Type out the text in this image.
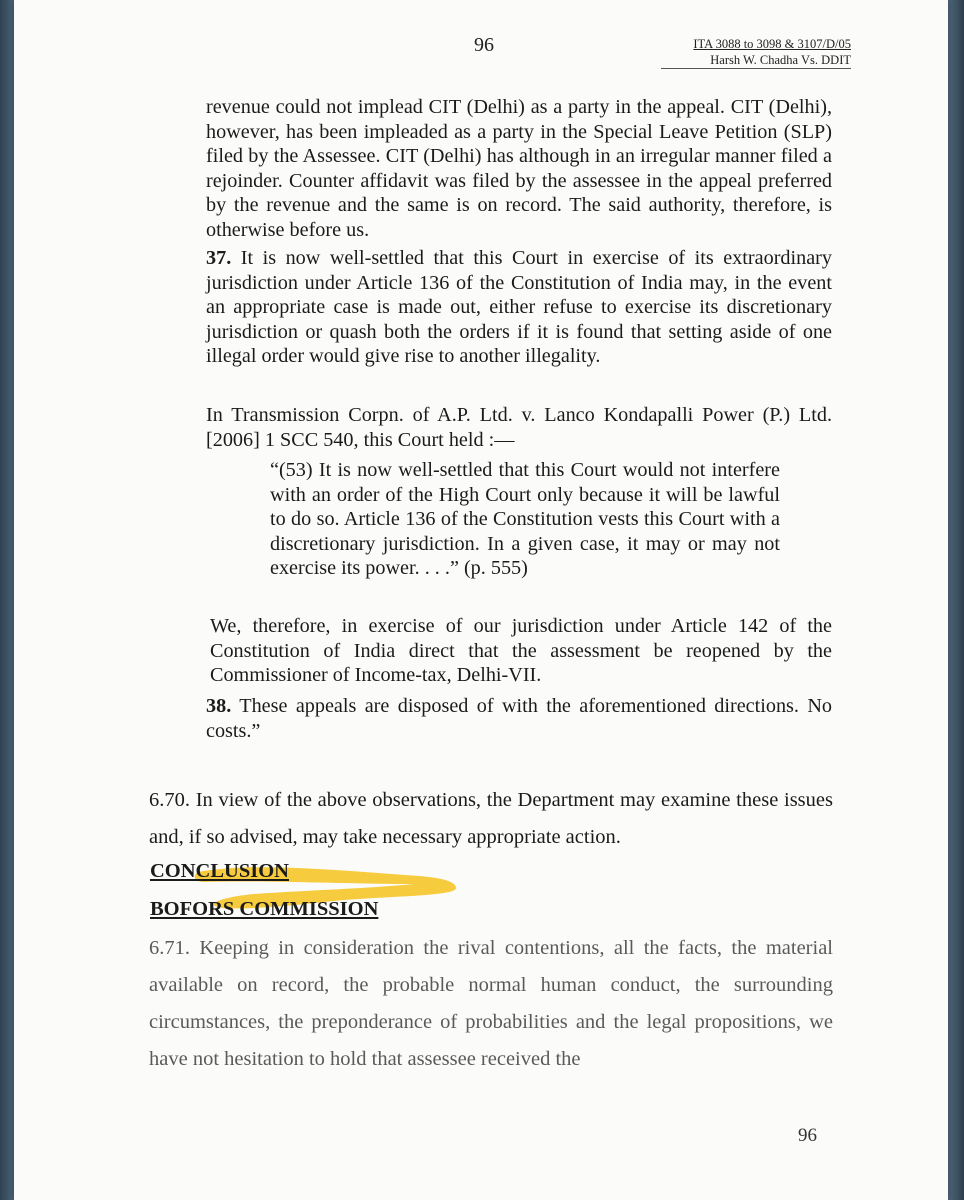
96	ITA 3088 to 3098 & 3107/D/05
Harsh W. Chadha Vs. DDIT

revenue could not implead CIT (Delhi) as a party in the appeal. CIT (Delhi), however, has been impleaded as a party in the Special Leave Petition (SLP) filed by the Assessee. CIT (Delhi) has although in an irregular manner filed a rejoinder. Counter affidavit was filed by the assessee in the appeal preferred by the revenue and the same is on record. The said authority, therefore, is otherwise before us.

37. It is now well-settled that this Court in exercise of its extraordinary jurisdiction under Article 136 of the Constitution of India may, in the event an appropriate case is made out, either refuse to exercise its discretionary jurisdiction or quash both the orders if it is found that setting aside of one illegal order would give rise to another illegality.

In Transmission Corpn. of A.P. Ltd. v. Lanco Kondapalli Power (P.) Ltd. [2006] 1 SCC 540, this Court held :—

“(53) It is now well-settled that this Court would not interfere with an order of the High Court only because it will be lawful to do so. Article 136 of the Constitution vests this Court with a discretionary jurisdiction. In a given case, it may or may not exercise its power. . . .” (p. 555)

We, therefore, in exercise of our jurisdiction under Article 142 of the Constitution of India direct that the assessment be reopened by the Commissioner of Income-tax, Delhi-VII.

38. These appeals are disposed of with the aforementioned directions. No costs.”

6.70. In view of the above observations, the Department may examine these issues and, if so advised, may take necessary appropriate action.

CONCLUSION

BOFORS COMMISSION

6.71. Keeping in consideration the rival contentions, all the facts, the material available on record, the probable normal human conduct, the surrounding circumstances, the preponderance of probabilities and the legal propositions, we have not hesitation to hold that assessee received the

96
